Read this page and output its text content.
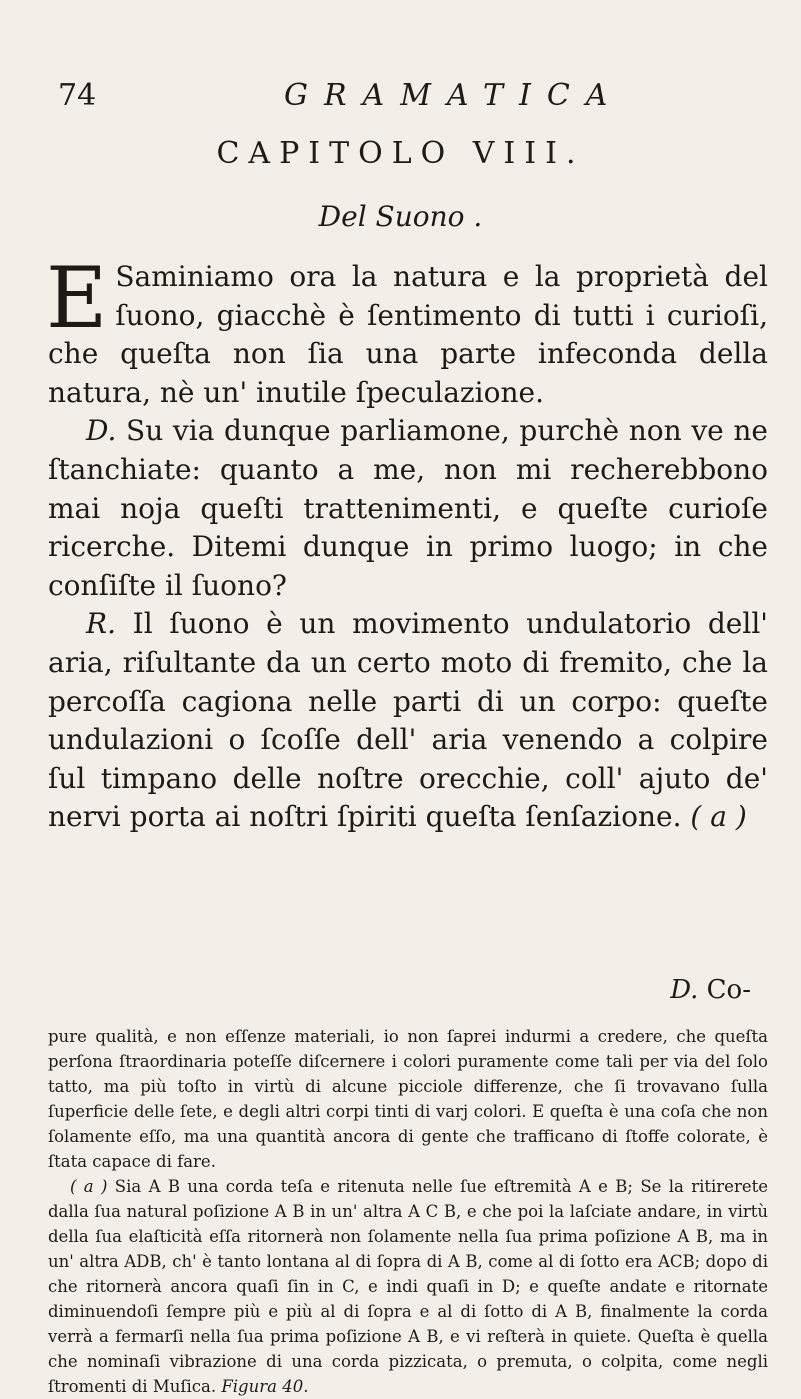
74	GRAMATICA
CAPITOLO VIII.
Del Suono .

E Saminiamo ora la natura e la proprietà del ſuono, giacchè è ſentimento di tutti i curioſi, che queſta non ſia una parte infeconda della natura, nè un' inutile ſpeculazione.

D. Su via dunque parliamone, purchè non ve ne ſtanchiate: quanto a me, non mi recherebbono mai noja queſti trattenimenti, e queſte curioſe ricerche. Ditemi dunque in primo luogo; in che conſiſte il ſuono?

R. Il ſuono è un movimento undulatorio dell' aria, riſultante da un certo moto di fremito, che la percoſſa cagiona nelle parti di un corpo: queſte undulazioni o ſcoſſe dell' aria venendo a colpire ſul timpano delle noſtre orecchie, coll' ajuto de' nervi porta ai noſtri ſpiriti queſta ſenſazione. ( a )

D. Co-

pure qualità, e non eſſenze materiali, io non ſaprei indurmi a credere, che queſta perſona ſtraordinaria poteſſe diſcernere i colori puramente come tali per via del ſolo tatto, ma più toſto in virtù di alcune picciole differenze, che ſi trovavano ſulla ſuperficie delle ſete, e degli altri corpi tinti di varj colori. E queſta è una coſa che non ſolamente eſſo, ma una quantità ancora di gente che trafficano di ſtoffe colorate, è ſtata capace di fare.

( a ) Sia A B una corda teſa e ritenuta nelle ſue eſtremità A e B; Se la ritirerete dalla ſua natural poſizione A B in un' altra A C B, e che poi la laſciate andare, in virtù della ſua elaſticità eſſa ritornerà non ſolamente nella ſua prima poſizione A B, ma in un' altra ADB, ch' è tanto lontana al di ſopra di A B, come al di ſotto era ACB; dopo di che ritornerà ancora quaſi ſin in C, e indi quaſi in D; e queſte andate e ritornate diminuendoſi ſempre più e più al di ſopra e al di ſotto di A B, finalmente la corda verrà a fermarſi nella ſua prima poſizione A B, e vi reſterà in quiete. Queſta è quella che nominaſi vibrazione di una corda pizzicata, o premuta, o colpita, come negli ſtromenti di Muſica. Figura 40.
